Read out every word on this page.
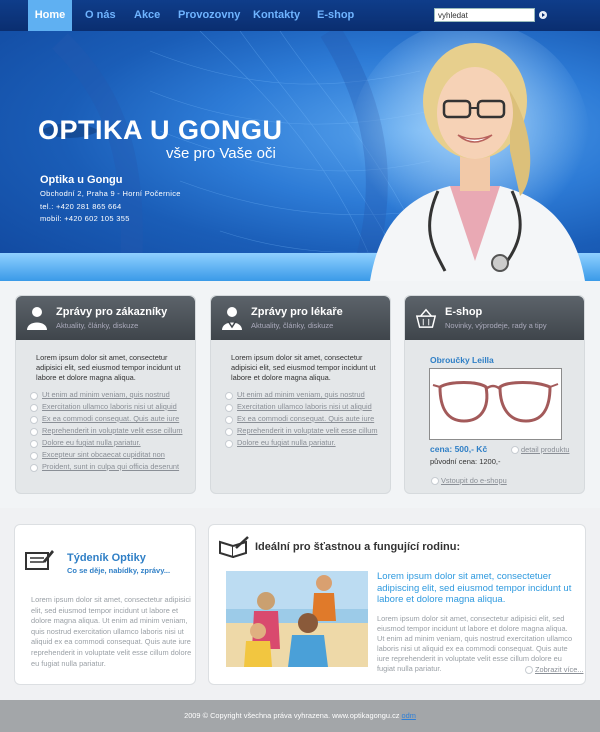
Home	O nás Akce Provozovny Kontakty E-shop
vyhledat
OPTIKA U GONGU
vše pro Vaše oči
Optika u Gongu
Obchodní 2, Praha 9 - Horní Počernice
tel.: +420 281 865 664
mobil: +420 602 105 355
Zprávy pro zákazníky
Aktuality, články, diskuze
Lorem ipsum dolor sit amet, consectetur adipisici elit, sed eiusmod tempor incidunt ut labore et dolore magna aliqua.
Ut enim ad minim veniam, quis nostrud
Exercitation ullamco laboris nisi ut aliquid
Ex ea commodi consequat. Quis aute iure
Reprehenderit in voluptate velit esse cillum
Dolore eu fugiat nulla pariatur.
Excepteur sint obcaecat cupiditat non
Proident, sunt in culpa qui officia deserunt
Zprávy pro lékaře
Aktuality, články, diskuze
Lorem ipsum dolor sit amet, consectetur adipisici elit, sed eiusmod tempor incidunt ut labore et dolore magna aliqua.
Ut enim ad minim veniam, quis nostrud
Exercitation ullamco laboris nisi ut aliquid
Ex ea commodi consequat. Quis aute iure
Reprehenderit in voluptate velit esse cillum
Dolore eu fugiat nulla pariatur.
E-shop
Novinky, výprodeje, rady a tipy
Obroučky Leilla
cena: 500,- Kč
původní cena: 1200,-
detail produktu
Vstoupit do e-shopu
Týdeník Optiky
Co se děje, nabídky, zprávy...
Lorem ipsum dolor sit amet, consectetur adipisici elit, sed eiusmod tempor incidunt ut labore et dolore magna aliqua. Ut enim ad minim veniam, quis nostrud exercitation ullamco laboris nisi ut aliquid ex ea commodi consequat. Quis aute iure reprehenderit in voluptate velit esse cillum dolore eu fugiat nulla pariatur.
Ideální pro šťastnou a fungující rodinu:
Lorem ipsum dolor sit amet, consectetuer adipiscing elit, sed eiusmod tempor incidunt ut labore et dolore magna aliqua.
Lorem ipsum dolor sit amet, consectetur adipisici elit, sed eiusmod tempor incidunt ut labore et dolore magna aliqua. Ut enim ad minim veniam, quis nostrud exercitation ullamco laboris nisi ut aliquid ex ea commodi consequat. Quis aute iure reprehenderit in voluptate velit esse cillum dolore eu fugiat nulla pariatur.	Zobrazit více...
2009 © Copyright všechna práva vyhrazena. www.optikagongu.cz odm
